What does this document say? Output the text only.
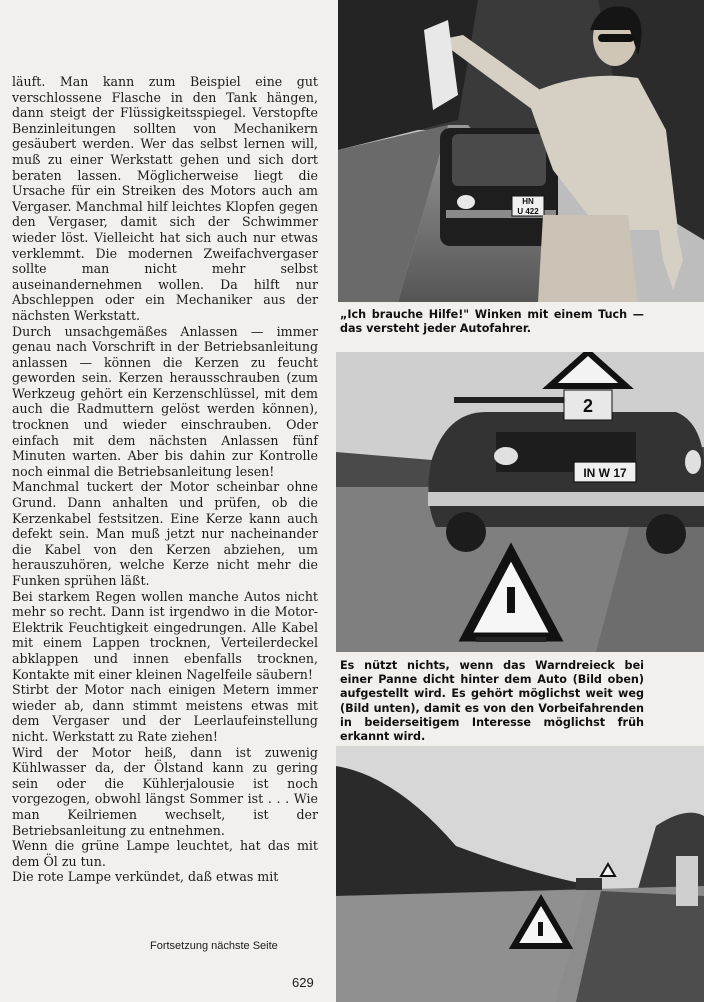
läuft. Man kann zum Beispiel eine gut verschlossene Flasche in den Tank hängen, dann steigt der Flüssigkeitsspiegel. Verstopfte Benzinleitungen sollten von Mechanikern gesäubert werden. Wer das selbst lernen will, muß zu einer Werkstatt gehen und sich dort beraten lassen. Möglicherweise liegt die Ursache für ein Streiken des Motors auch am Vergaser. Manchmal hilf leichtes Klopfen gegen den Vergaser, damit sich der Schwimmer wieder löst. Vielleicht hat sich auch nur etwas verklemmt. Die modernen Zweifachvergaser sollte man nicht mehr selbst auseinandernehmen wollen. Da hilft nur Abschleppen oder ein Mechaniker aus der nächsten Werkstatt.

Durch unsachgemäßes Anlassen — immer genau nach Vorschrift in der Betriebsanleitung anlassen — können die Kerzen zu feucht geworden sein. Kerzen herausschrauben (zum Werkzeug gehört ein Kerzenschlüssel, mit dem auch die Radmuttern gelöst werden können), trocknen und wieder einschrauben. Oder einfach mit dem nächsten Anlassen fünf Minuten warten. Aber bis dahin zur Kontrolle noch einmal die Betriebsanleitung lesen!

Manchmal tuckert der Motor scheinbar ohne Grund. Dann anhalten und prüfen, ob die Kerzenkabel festsitzen. Eine Kerze kann auch defekt sein. Man muß jetzt nur nacheinander die Kabel von den Kerzen abziehen, um herauszuhören, welche Kerze nicht mehr die Funken sprühen läßt.

Bei starkem Regen wollen manche Autos nicht mehr so recht. Dann ist irgendwo in die Motor-Elektrik Feuchtigkeit eingedrungen. Alle Kabel mit einem Lappen trocknen, Verteilerdeckel abklappen und innen ebenfalls trocknen, Kontakte mit einer kleinen Nagelfeile säubern!

Stirbt der Motor nach einigen Metern immer wieder ab, dann stimmt meistens etwas mit dem Vergaser und der Leerlaufeinstellung nicht. Werkstatt zu Rate ziehen!

Wird der Motor heiß, dann ist zuwenig Kühlwasser da, der Ölstand kann zu gering sein oder die Kühlerjalousie ist noch vorgezogen, obwohl längst Sommer ist . . . Wie man Keilriemen wechselt, ist der Betriebsanleitung zu entnehmen.

Wenn die grüne Lampe leuchtet, hat das mit dem Öl zu tun.

Die rote Lampe verkündet, daß etwas mit

Fortsetzung nächste Seite
629
HN
U 422
„Ich brauche Hilfe!" Winken mit einem Tuch — das versteht jeder Autofahrer.
IN W 17
2
Es nützt nichts, wenn das Warndreieck bei einer Panne dicht hinter dem Auto (Bild oben) aufgestellt wird. Es gehört möglichst weit weg (Bild unten), damit es von den Vorbeifahrenden in beiderseitigem Interesse möglichst früh erkannt wird.
